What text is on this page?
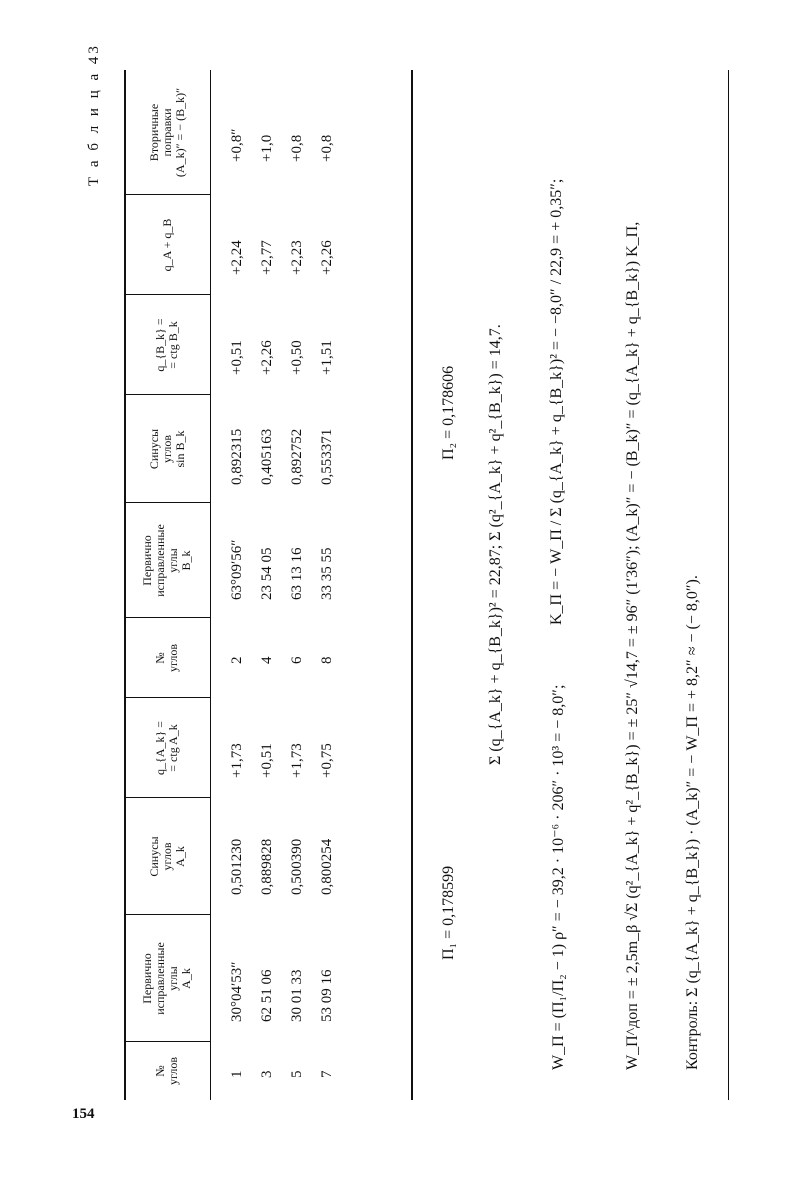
154
Т а б л и ц а 43
№ углов
Первично исправленные углы A_k
Синусы углов A_k
q_{A_k} = = ctg A_k
№ углов
Первично исправленные углы B_k
Синусы углов sin B_k
q_{B_k} = = ctg B_k
q_A + q_B
Вторичные поправки (A_k)″ = − (B_k)″
1
30°04′53″
0,501230
+1,73
2
63°09′56″
0,892315
+0,51
+2,24
+0,8″
3
62 51 06
0,889828
+0,51
4
23 54 05
0,405163
+2,26
+2,77
+1,0
5
30 01 33
0,500390
+1,73
6
63 13 16
0,892752
+0,50
+2,23
+0,8
7
53 09 16
0,800254
+0,75
8
33 35 55
0,553371
+1,51
+2,26
+0,8
Π₁ = 0,178599
Π₂ = 0,178606 Σ (q_{A_k} + q_{B_k})² = 22,87; Σ (q²_{A_k} + q²_{B_k}) = 14,7.
W_Π = (Π₁/Π₂ − 1) ρ″ = − 39,2 · 10⁻⁶ · 206″ · 10³ = − 8,0″;
K_Π = − W_Π / Σ (q_{A_k} + q_{B_k})² = − −8,0″ / 22,9 = + 0,35″;	W_Π^доп = ± 2,5m_β √Σ (q²_{A_k} + q²_{B_k}) = ± 25″ √14,7 = ± 96″ (1′36″); (A_k)″ = − (B_k)″ = (q_{A_k} + q_{B_k}) K_Π,	Контроль: Σ (q_{A_k} + q_{B_k}) · (A_k)″ = − W_Π = + 8,2″ ≈ − (− 8,0″).
